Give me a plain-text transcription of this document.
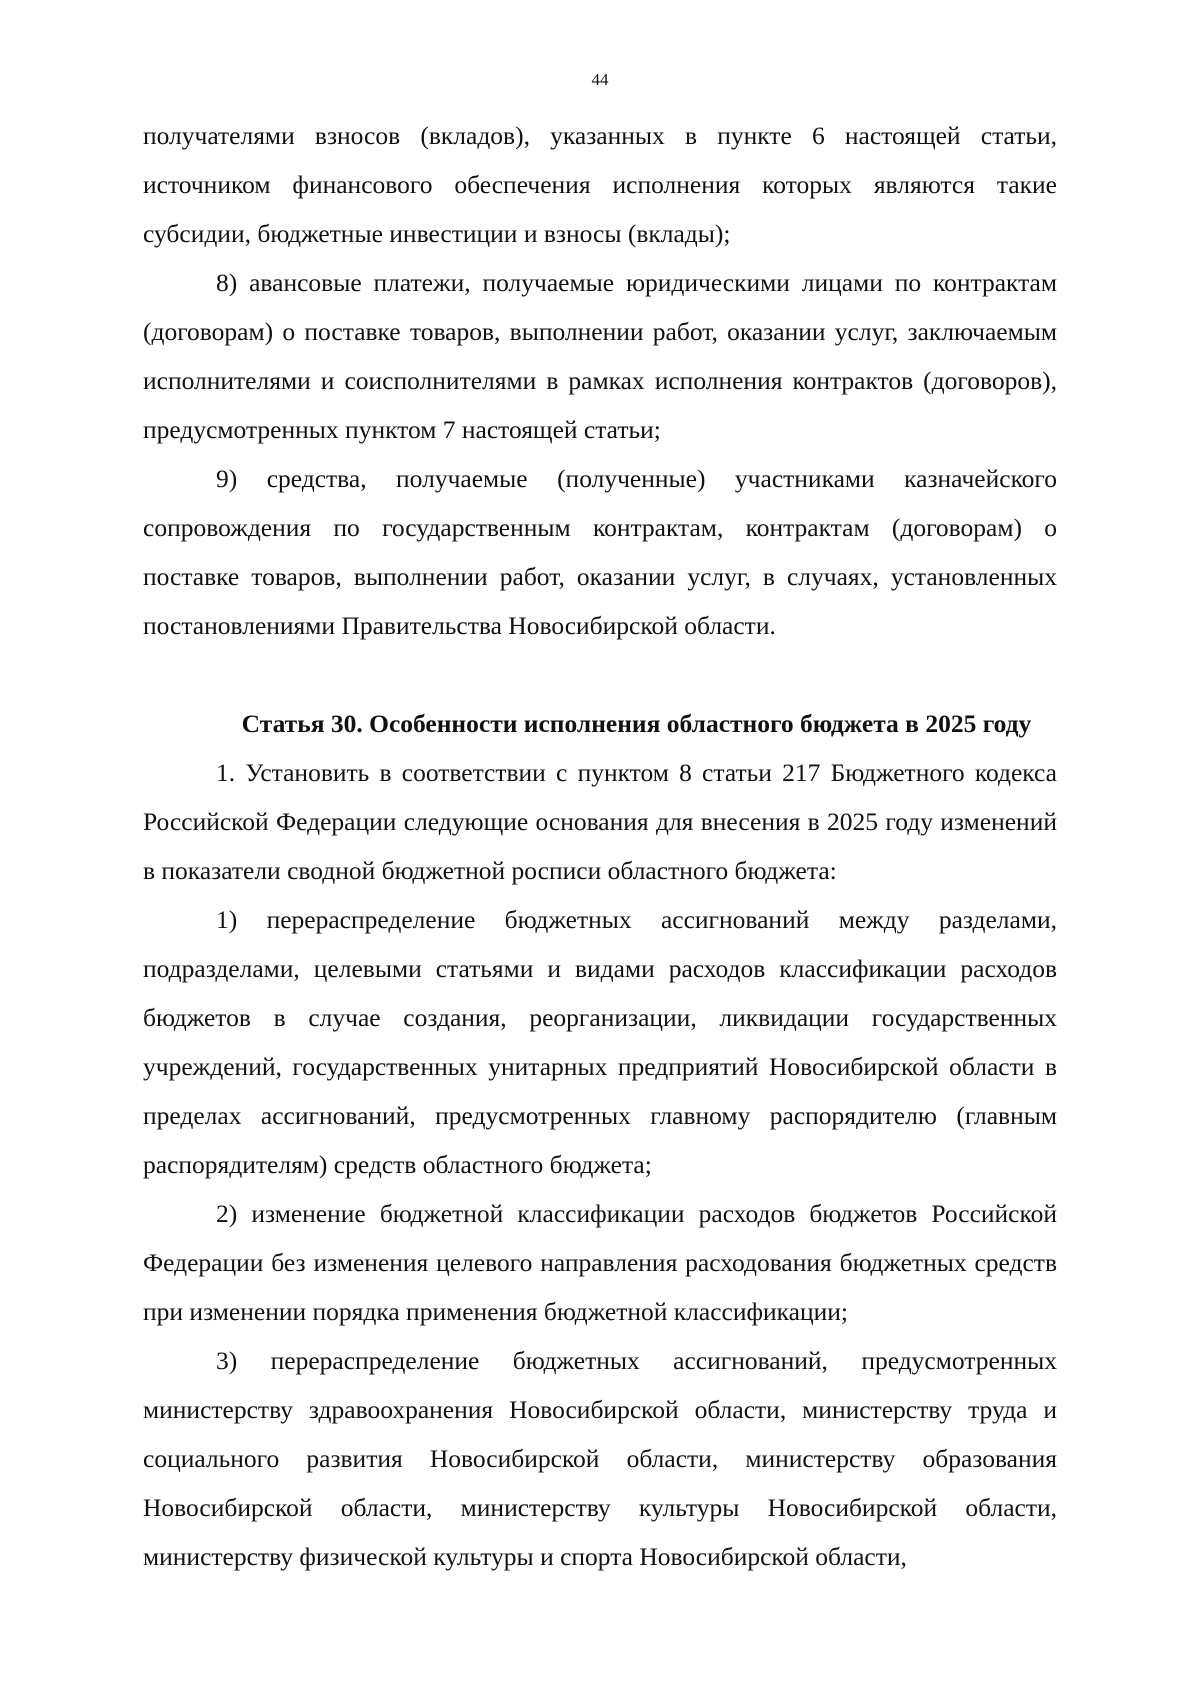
44

получателями взносов (вкладов), указанных в пункте 6 настоящей статьи, источником финансового обеспечения исполнения которых являются такие субсидии, бюджетные инвестиции и взносы (вклады);

8) авансовые платежи, получаемые юридическими лицами по контрактам (договорам) о поставке товаров, выполнении работ, оказании услуг, заключаемым исполнителями и соисполнителями в рамках исполнения контрактов (договоров), предусмотренных пунктом 7 настоящей статьи;

9) средства, получаемые (полученные) участниками казначейского сопровождения по государственным контрактам, контрактам (договорам) о поставке товаров, выполнении работ, оказании услуг, в случаях, установленных постановлениями Правительства Новосибирской области.

Статья 30. Особенности исполнения областного бюджета в 2025 году

1. Установить в соответствии с пунктом 8 статьи 217 Бюджетного кодекса Российской Федерации следующие основания для внесения в 2025 году изменений в показатели сводной бюджетной росписи областного бюджета:

1) перераспределение бюджетных ассигнований между разделами, подразделами, целевыми статьями и видами расходов классификации расходов бюджетов в случае создания, реорганизации, ликвидации государственных учреждений, государственных унитарных предприятий Новосибирской области в пределах ассигнований, предусмотренных главному распорядителю (главным распорядителям) средств областного бюджета;

2) изменение бюджетной классификации расходов бюджетов Российской Федерации без изменения целевого направления расходования бюджетных средств при изменении порядка применения бюджетной классификации;

3) перераспределение бюджетных ассигнований, предусмотренных министерству здравоохранения Новосибирской области, министерству труда и социального развития Новосибирской области, министерству образования Новосибирской области, министерству культуры Новосибирской области, министерству физической культуры и спорта Новосибирской области,
